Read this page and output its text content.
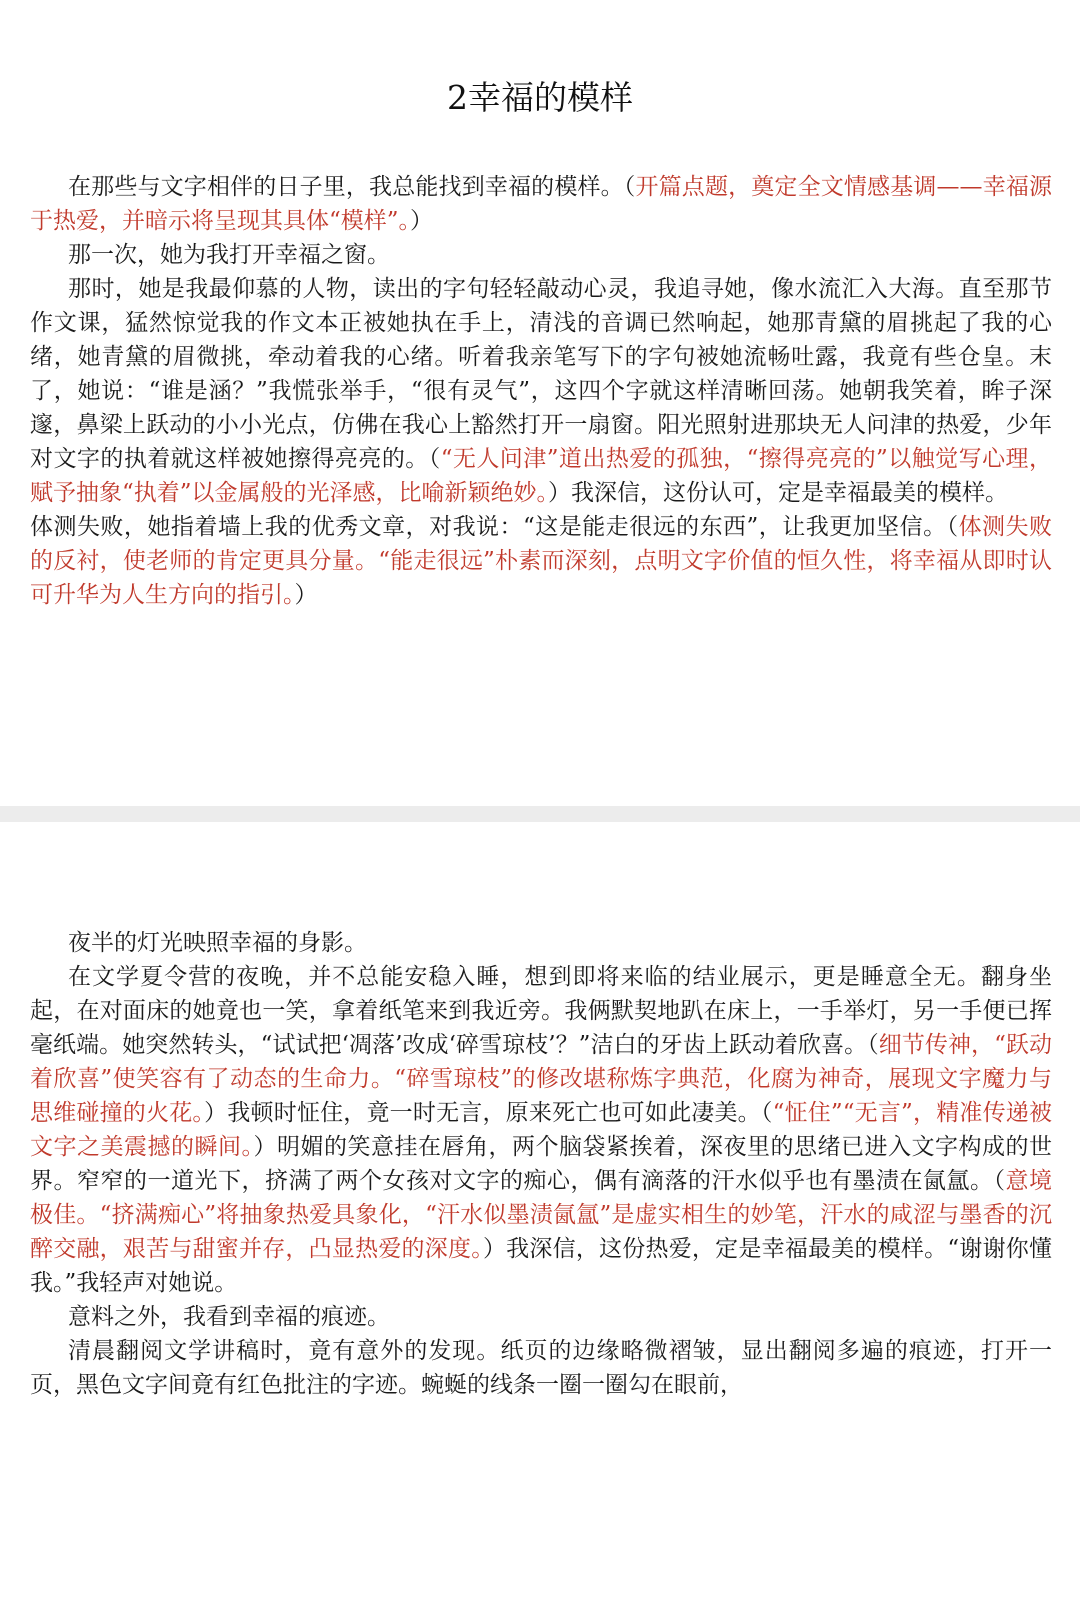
2幸福的模样

在那些与文字相伴的日子里，我总能找到幸福的模样。（开篇点题，奠定全文情感基调——幸福源于热爱，并暗示将呈现其具体“模样”。）

那一次，她为我打开幸福之窗。

那时，她是我最仰慕的人物，读出的字句轻轻敲动心灵，我追寻她，像水流汇入大海。直至那节作文课，猛然惊觉我的作文本正被她执在手上，清浅的音调已然响起，她那青黛的眉挑起了我的心绪，她青黛的眉微挑，牵动着我的心绪。听着我亲笔写下的字句被她流畅吐露，我竟有些仓皇。末了，她说：“谁是涵？”我慌张举手，“很有灵气”，这四个字就这样清晰回荡。她朝我笑着，眸子深邃，鼻梁上跃动的小小光点，仿佛在我心上豁然打开一扇窗。阳光照射进那块无人问津的热爱，少年对文字的执着就这样被她擦得亮亮的。（“无人问津”道出热爱的孤独，“擦得亮亮的”以触觉写心理，赋予抽象“执着”以金属般的光泽感，比喻新颖绝妙。）我深信，这份认可，定是幸福最美的模样。

体测失败，她指着墙上我的优秀文章，对我说：“这是能走很远的东西”，让我更加坚信。（体测失败的反衬，使老师的肯定更具分量。“能走很远”朴素而深刻，点明文字价值的恒久性，将幸福从即时认可升华为人生方向的指引。）

夜半的灯光映照幸福的身影。

在文学夏令营的夜晚，并不总能安稳入睡，想到即将来临的结业展示，更是睡意全无。翻身坐起，在对面床的她竟也一笑，拿着纸笔来到我近旁。我俩默契地趴在床上，一手举灯，另一手便已挥毫纸端。她突然转头，“试试把‘凋落’改成‘碎雪琼枝’？”洁白的牙齿上跃动着欣喜。（细节传神，“跃动着欣喜”使笑容有了动态的生命力。“碎雪琼枝”的修改堪称炼字典范，化腐为神奇，展现文字魔力与思维碰撞的火花。）我顿时怔住，竟一时无言，原来死亡也可如此凄美。（“怔住”“无言”，精准传递被文字之美震撼的瞬间。）明媚的笑意挂在唇角，两个脑袋紧挨着，深夜里的思绪已进入文字构成的世界。窄窄的一道光下，挤满了两个女孩对文字的痴心，偶有滴落的汗水似乎也有墨渍在氤氲。（意境极佳。“挤满痴心”将抽象热爱具象化，“汗水似墨渍氤氲”是虚实相生的妙笔，汗水的咸涩与墨香的沉醉交融，艰苦与甜蜜并存，凸显热爱的深度。）我深信，这份热爱，定是幸福最美的模样。“谢谢你懂我。”我轻声对她说。

意料之外，我看到幸福的痕迹。

清晨翻阅文学讲稿时，竟有意外的发现。纸页的边缘略微褶皱，显出翻阅多遍的痕迹，打开一页，黑色文字间竟有红色批注的字迹。蜿蜒的线条一圈一圈勾在眼前，
